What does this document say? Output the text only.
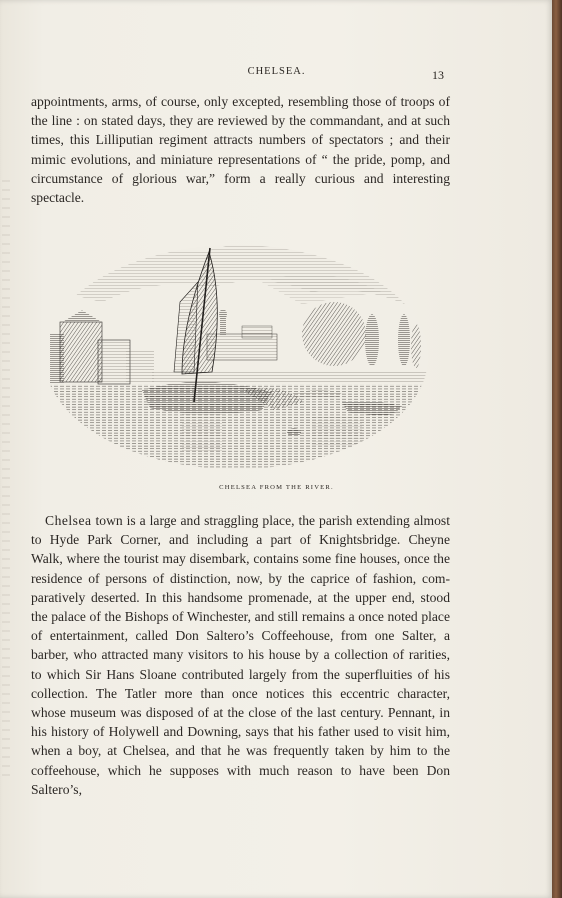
CHELSEA.	13
appointments, arms, of course, only excepted, resembling those of troops of
the line : on stated days, they are reviewed by the commandant, and at such
times, this Lilliputian regiment attracts numbers of spectators ; and their
mimic evolutions, and miniature representations of “ the pride, pomp, and
circumstance of glorious war,” form a really curious and interesting
spectacle.
CHELSEA FROM THE RIVER.
Chelsea town is a large and straggling place, the parish extending almost
to Hyde Park Corner, and including a part of Knightsbridge. Cheyne
Walk, where the tourist may disembark, contains some fine houses, once the
residence of persons of distinction, now, by the caprice of fashion, com-
paratively deserted. In this handsome promenade, at the upper end, stood
the palace of the Bishops of Winchester, and still remains a once noted place
of entertainment, called Don Saltero’s Coffeehouse, from one Salter, a
barber, who attracted many visitors to his house by a collection of rarities,
to which Sir Hans Sloane contributed largely from the superfluities of his
collection. The Tatler more than once notices this eccentric character,
whose museum was disposed of at the close of the last century. Pennant, in
his history of Holywell and Downing, says that his father used to visit him,
when a boy, at Chelsea, and that he was frequently taken by him to the
coffeehouse, which he supposes with much reason to have been Don Saltero’s,
